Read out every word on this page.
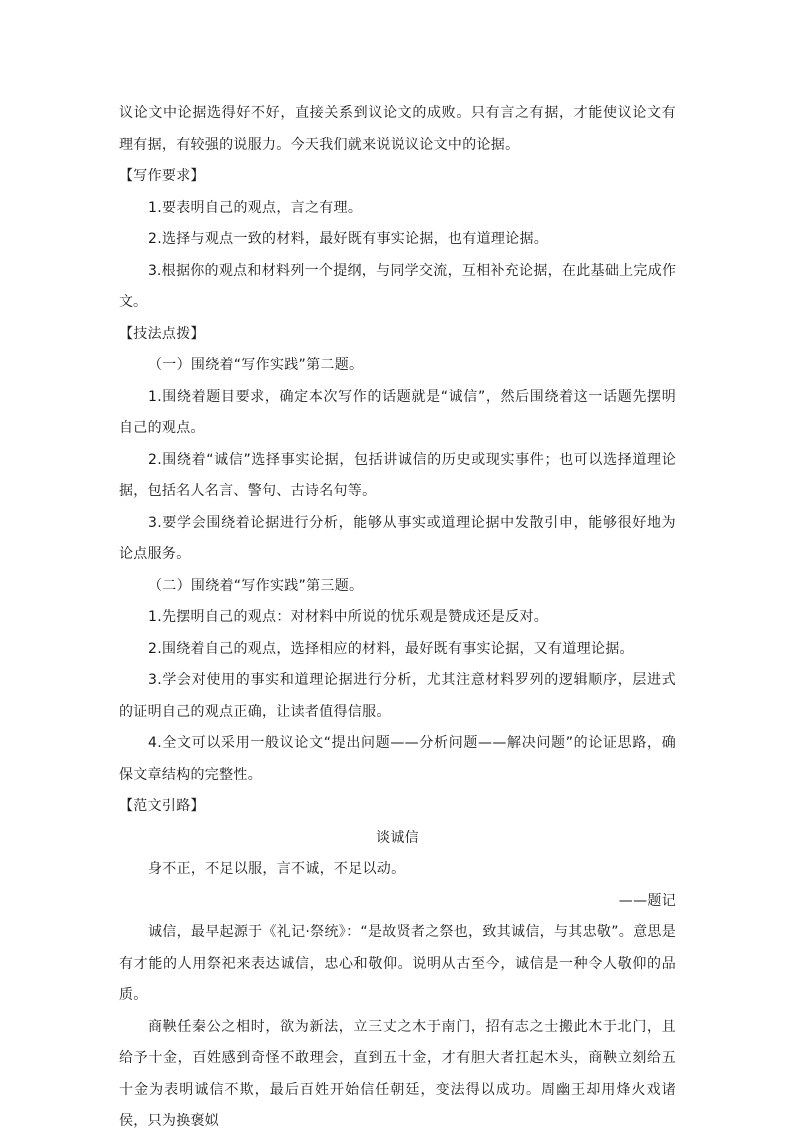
议论文中论据选得好不好，直接关系到议论文的成败。只有言之有据，才能使议论文有理有据，有较强的说服力。今天我们就来说说议论文中的论据。

【写作要求】

1.要表明自己的观点，言之有理。

2.选择与观点一致的材料，最好既有事实论据，也有道理论据。

3.根据你的观点和材料列一个提纲，与同学交流，互相补充论据，在此基础上完成作文。

【技法点拨】

（一）围绕着“写作实践”第二题。

1.围绕着题目要求，确定本次写作的话题就是“诚信”，然后围绕着这一话题先摆明自己的观点。

2.围绕着“诚信”选择事实论据，包括讲诚信的历史或现实事件；也可以选择道理论据，包括名人名言、警句、古诗名句等。

3.要学会围绕着论据进行分析，能够从事实或道理论据中发散引申，能够很好地为论点服务。

（二）围绕着“写作实践”第三题。

1.先摆明自己的观点：对材料中所说的忧乐观是赞成还是反对。

2.围绕着自己的观点，选择相应的材料，最好既有事实论据，又有道理论据。

3.学会对使用的事实和道理论据进行分析，尤其注意材料罗列的逻辑顺序，层进式的证明自己的观点正确，让读者值得信服。

4.全文可以采用一般议论文“提出问题——分析问题——解决问题”的论证思路，确保文章结构的完整性。

【范文引路】

谈诚信

身不正，不足以服，言不诚，不足以动。

——题记

诚信，最早起源于《礼记·祭统》：“是故贤者之祭也，致其诚信，与其忠敬”。意思是有才能的人用祭祀来表达诚信，忠心和敬仰。说明从古至今，诚信是一种令人敬仰的品质。

商鞅任秦公之相时，欲为新法，立三丈之木于南门，招有志之士搬此木于北门，且给予十金，百姓感到奇怪不敢理会，直到五十金，才有胆大者扛起木头，商鞅立刻给五十金为表明诚信不欺，最后百姓开始信任朝廷，变法得以成功。周幽王却用烽火戏诸侯，只为换褒姒
